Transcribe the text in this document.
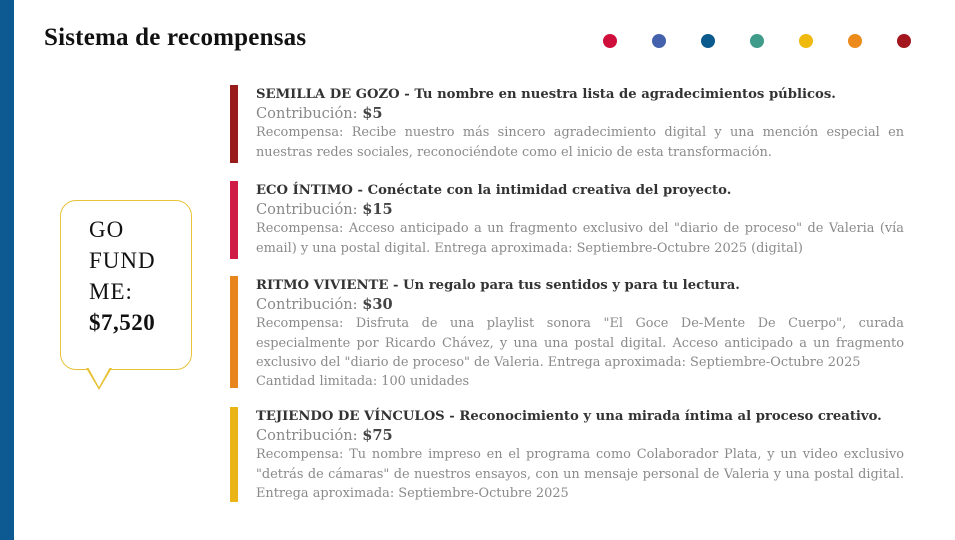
Sistema de recompensas
GO
FUND
ME:
$7,520
SEMILLA DE GOZO - Tu nombre en nuestra lista de agradecimientos públicos.
Contribución: $5
Recompensa: Recibe nuestro más sincero agradecimiento digital y una mención especial en nuestras redes sociales, reconociéndote como el inicio de esta transformación.
ECO ÍNTIMO - Conéctate con la intimidad creativa del proyecto.
Contribución: $15
Recompensa: Acceso anticipado a un fragmento exclusivo del "diario de proceso" de Valeria (vía email) y una postal digital. Entrega aproximada: Septiembre-Octubre 2025 (digital)
RITMO VIVIENTE - Un regalo para tus sentidos y para tu lectura.
Contribución: $30
Recompensa: Disfruta de una playlist sonora "El Goce De-Mente De Cuerpo", curada especialmente por Ricardo Chávez, y una una postal digital. Acceso anticipado a un fragmento exclusivo del "diario de proceso" de Valeria. Entrega aproximada: Septiembre-Octubre 2025
Cantidad limitada: 100 unidades
TEJIENDO DE VÍNCULOS - Reconocimiento y una mirada íntima al proceso creativo.
Contribución: $75
Recompensa: Tu nombre impreso en el programa como Colaborador Plata, y un video exclusivo "detrás de cámaras" de nuestros ensayos, con un mensaje personal de Valeria y una postal digital. Entrega aproximada: Septiembre-Octubre 2025
